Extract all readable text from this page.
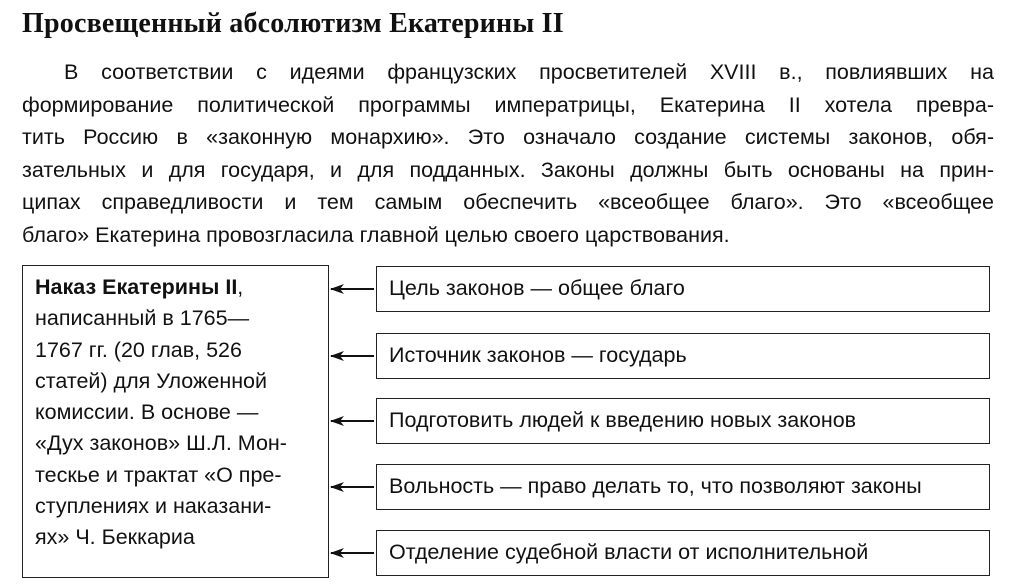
Просвещенный абсолютизм Екатерины II
В соответствии с идеями французских просветителей XVIII в., повлиявших на
формирование политической программы императрицы, Екатерина II хотела превра-
тить Россию в «законную монархию». Это означало создание системы законов, обя-
зательных и для государя, и для подданных. Законы должны быть основаны на прин-
ципах справедливости и тем самым обеспечить «всеобщее благо». Это «всеобщее
благо» Екатерина провозгласила главной целью своего царствования.
Наказ Екатерины II,
написанный в 1765—
1767 гг. (20 глав, 526
статей) для Уложенной
комиссии. В основе —
«Дух законов» Ш.Л. Мон-
тескье и трактат «О пре-
ступлениях и наказани-
ях» Ч. Беккариа
Цель законов — общее благо
Источник законов — государь
Подготовить людей к введению новых законов
Вольность — право делать то, что позволяют законы
Отделение судебной власти от исполнительной
